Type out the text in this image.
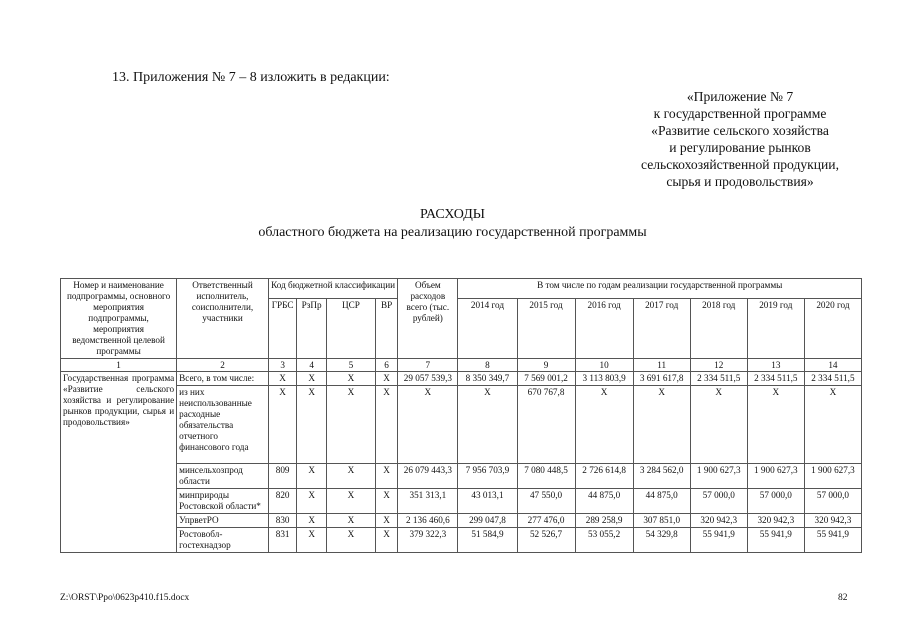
13. Приложения № 7 – 8 изложить в редакции:
«Приложение № 7
к государственной программе
«Развитие сельского хозяйства
и регулирование рынков
сельскохозяйственной продукции,
сырья и продовольствия»
РАСХОДЫ
областного бюджета на реализацию государственной программы
Номер и наименование подпрограммы, основного мероприятия подпрограммы, мероприятия ведомственной целевой программы	Ответственный исполнитель, соисполнители, участники	Код бюджетной классификации				Объем расходов всего (тыс. рублей)	В том числе по годам реализации государственной программы						
		ГРБС	РзПр	ЦСР	ВР		2014 год	2015 год	2016 год	2017 год	2018 год	2019 год	2020 год
1	2	3	4	5	6	7	8	9	10	11	12	13	14
Государственная программа «Развитие сельского хозяйства и регулирование рынков продукции, сырья и продовольствия»	Всего, в том числе:	X	X	X	X	29 057 539,3	8 350 349,7	7 569 001,2	3 113 803,9	3 691 617,8	2 334 511,5	2 334 511,5	2 334 511,5
	из них неиспользованные расходные обязательства отчетного финансового года	X	X	X	X	X	X	670 767,8	X	X	X	X	X
	минсельхозпрод области	809	X	X	X	26 079 443,3	7 956 703,9	7 080 448,5	2 726 614,8	3 284 562,0	1 900 627,3	1 900 627,3	1 900 627,3
	минприроды Ростовской области*	820	X	X	X	351 313,1	43 013,1	47 550,0	44 875,0	44 875,0	57 000,0	57 000,0	57 000,0
	УпрветРО	830	X	X	X	2 136 460,6	299 047,8	277 476,0	289 258,9	307 851,0	320 942,3	320 942,3	320 942,3
	Ростовобл-гостехнадзор	831	X	X	X	379 322,3	51 584,9	52 526,7	53 055,2	54 329,8	55 941,9	55 941,9	55 941,9
Z:\ORST\Ppo\0623p410.f15.docx	82
